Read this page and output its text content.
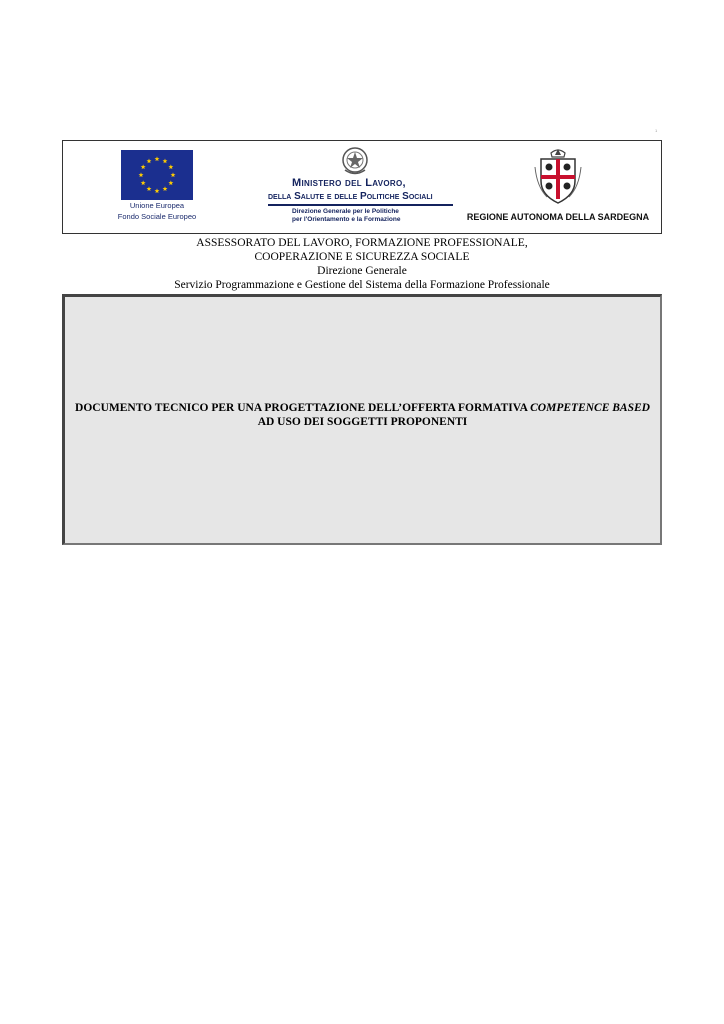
1
Unione Europea
Fondo Sociale Europeo
Ministero del Lavoro,
della Salute e delle Politiche Sociali
Direzione Generale per le Politiche
per l'Orientamento e la Formazione	REGIONE AUTONOMA DELLA SARDEGNA
ASSESSORATO DEL LAVORO, FORMAZIONE PROFESSIONALE,
COOPERAZIONE E SICUREZZA SOCIALE
Direzione Generale
Servizio Programmazione e Gestione del Sistema della Formazione Professionale
DOCUMENTO TECNICO PER UNA PROGETTAZIONE DELL’OFFERTA FORMATIVA COMPETENCE BASED AD USO DEI SOGGETTI PROPONENTI
